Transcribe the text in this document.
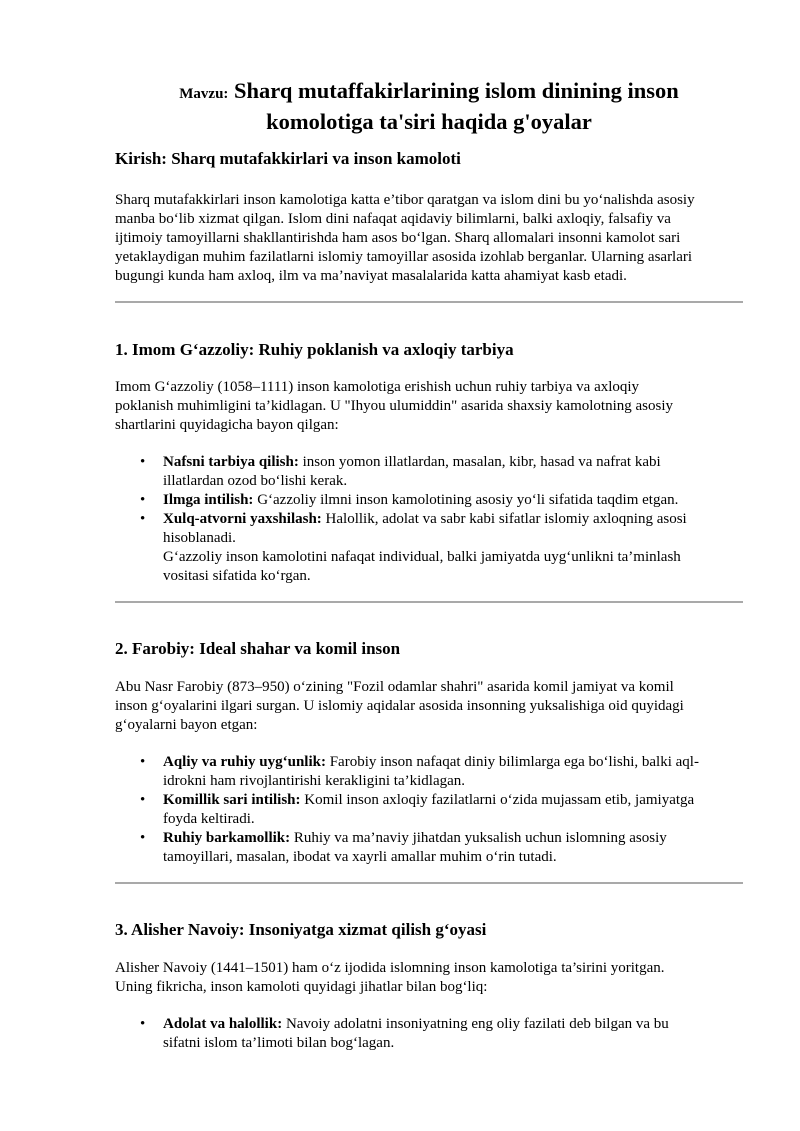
Mavzu: Sharq mutaffakirlarining islom dinining inson
komolotiga ta'siri haqida g'oyalar
Kirish: Sharq mutafakkirlari va inson kamoloti
Sharq mutafakkirlari inson kamolotiga katta e’tibor qaratgan va islom dini bu yo‘nalishda asosiy
manba bo‘lib xizmat qilgan. Islom dini nafaqat aqidaviy bilimlarni, balki axloqiy, falsafiy va
ijtimoiy tamoyillarni shakllantirishda ham asos bo‘lgan. Sharq allomalari insonni kamolot sari
yetaklaydigan muhim fazilatlarni islomiy tamoyillar asosida izohlab berganlar. Ularning asarlari
bugungi kunda ham axloq, ilm va ma’naviyat masalalarida katta ahamiyat kasb etadi.
1. Imom G‘azzoliy: Ruhiy poklanish va axloqiy tarbiya
Imom G‘azzoliy (1058–1111) inson kamolotiga erishish uchun ruhiy tarbiya va axloqiy
poklanish muhimligini ta’kidlagan. U "Ihyou ulumiddin" asarida shaxsiy kamolotning asosiy
shartlarini quyidagicha bayon qilgan:
• Nafsni tarbiya qilish: inson yomon illatlardan, masalan, kibr, hasad va nafrat kabi
illatlardan ozod bo‘lishi kerak.
• Ilmga intilish: G‘azzoliy ilmni inson kamolotining asosiy yo‘li sifatida taqdim etgan.
• Xulq-atvorni yaxshilash: Halollik, adolat va sabr kabi sifatlar islomiy axloqning asosi
hisoblanadi.
G‘azzoliy inson kamolotini nafaqat individual, balki jamiyatda uyg‘unlikni ta’minlash
vositasi sifatida ko‘rgan.
2. Farobiy: Ideal shahar va komil inson
Abu Nasr Farobiy (873–950) o‘zining "Fozil odamlar shahri" asarida komil jamiyat va komil
inson g‘oyalarini ilgari surgan. U islomiy aqidalar asosida insonning yuksalishiga oid quyidagi
g‘oyalarni bayon etgan:
• Aqliy va ruhiy uyg‘unlik: Farobiy inson nafaqat diniy bilimlarga ega bo‘lishi, balki aql-
idrokni ham rivojlantirishi kerakligini ta’kidlagan.
• Komillik sari intilish: Komil inson axloqiy fazilatlarni o‘zida mujassam etib, jamiyatga
foyda keltiradi.
• Ruhiy barkamollik: Ruhiy va ma’naviy jihatdan yuksalish uchun islomning asosiy
tamoyillari, masalan, ibodat va xayrli amallar muhim o‘rin tutadi.
3. Alisher Navoiy: Insoniyatga xizmat qilish g‘oyasi
Alisher Navoiy (1441–1501) ham o‘z ijodida islomning inson kamolotiga ta’sirini yoritgan.
Uning fikricha, inson kamoloti quyidagi jihatlar bilan bog‘liq:
• Adolat va halollik: Navoiy adolatni insoniyatning eng oliy fazilati deb bilgan va bu
sifatni islom ta’limoti bilan bog‘lagan.
